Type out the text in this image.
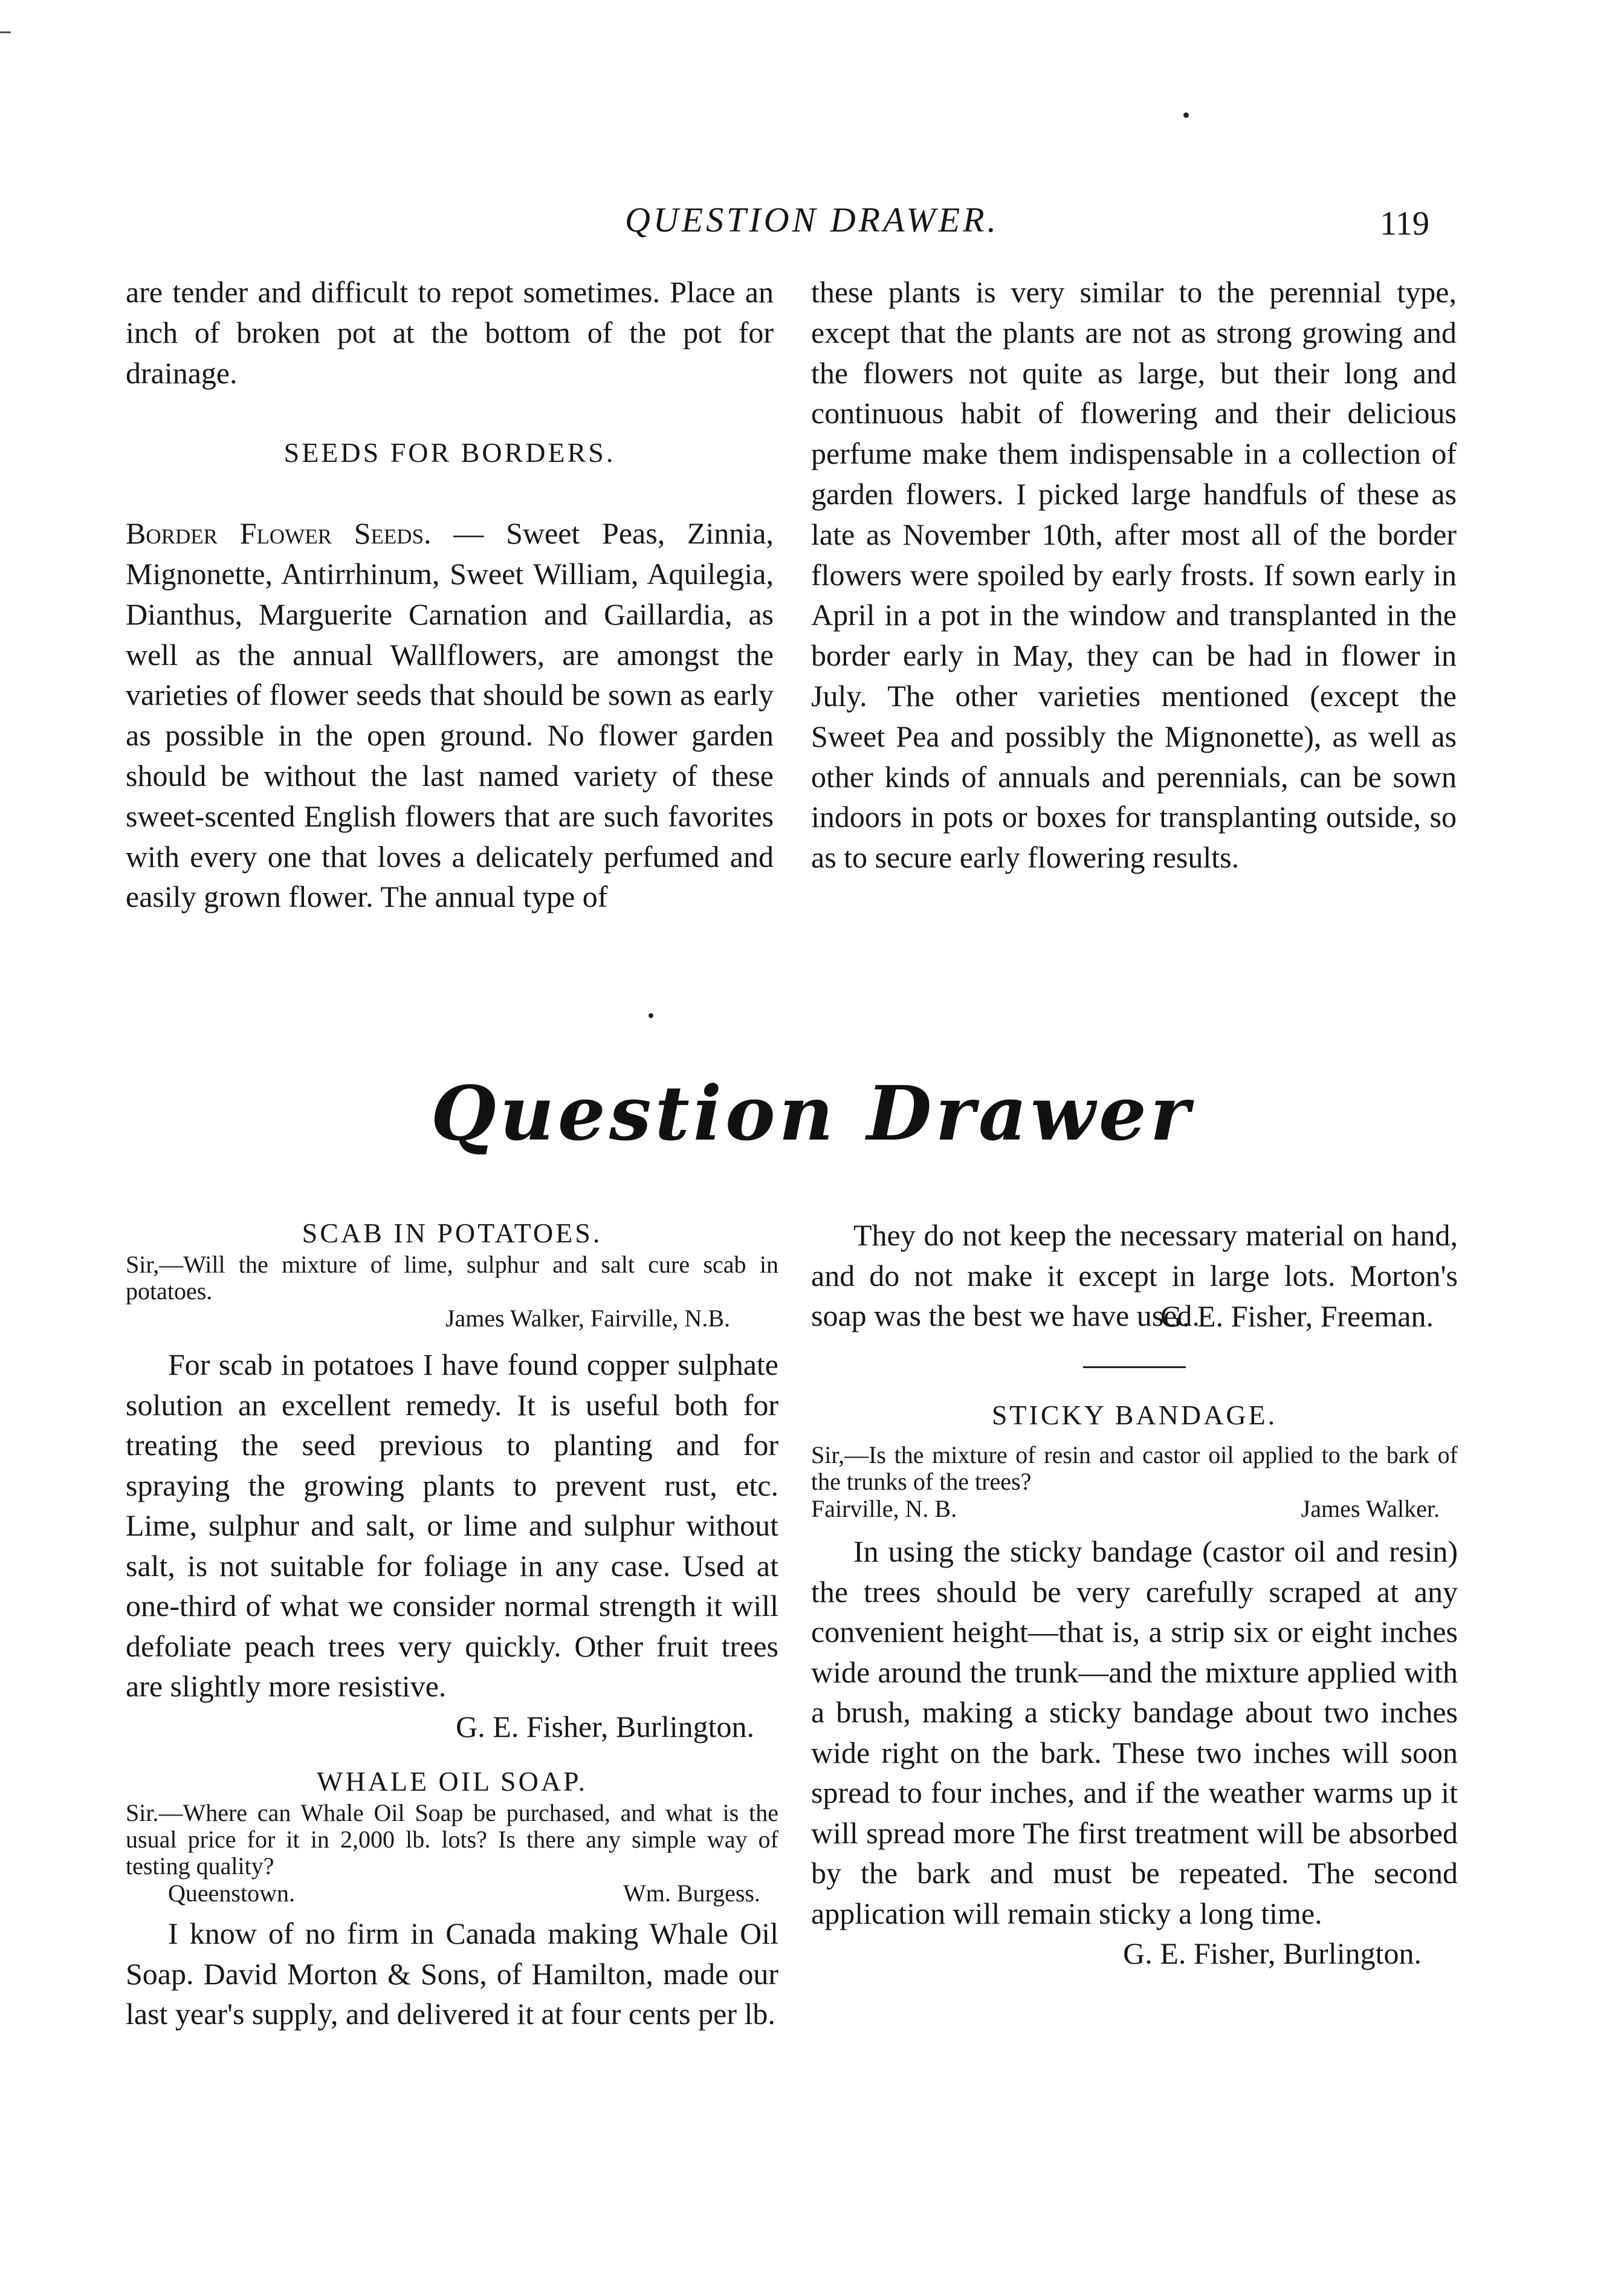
QUESTION DRAWER.	119

are tender and difficult to repot sometimes. Place an inch of broken pot at the bottom of the pot for drainage.

SEEDS FOR BORDERS.

Border Flower Seeds. — Sweet Peas, Zinnia, Mignonette, Antirrhinum, Sweet William, Aquilegia, Dianthus, Marguerite Carnation and Gaillardia, as well as the annual Wallflowers, are amongst the varieties of flower seeds that should be sown as early as possible in the open ground. No flower garden should be without the last named variety of these sweet-scented English flowers that are such favorites with every one that loves a delicately perfumed and easily grown flower. The annual type of

these plants is very similar to the perennial type, except that the plants are not as strong growing and the flowers not quite as large, but their long and continuous habit of flowering and their delicious perfume make them indispensable in a collection of garden flowers. I picked large handfuls of these as late as November 10th, after most all of the border flowers were spoiled by early frosts. If sown early in April in a pot in the window and transplanted in the border early in May, they can be had in flower in July. The other varieties mentioned (except the Sweet Pea and possibly the Mignonette), as well as other kinds of annuals and perennials, can be sown indoors in pots or boxes for transplanting outside, so as to secure early flowering results.

Question Drawer
SCAB IN POTATOES.

Sir,—Will the mixture of lime, sulphur and salt cure scab in potatoes.

James Walker, Fairville, N.B.

For scab in potatoes I have found copper sulphate solution an excellent remedy. It is useful both for treating the seed previous to planting and for spraying the growing plants to prevent rust, etc. Lime, sulphur and salt, or lime and sulphur without salt, is not suitable for foliage in any case. Used at one-third of what we consider normal strength it will defoliate peach trees very quickly. Other fruit trees are slightly more resistive.

G. E. Fisher, Burlington.
WHALE OIL SOAP.

Sir.—Where can Whale Oil Soap be purchased, and what is the usual price for it in 2,000 lb. lots? Is there any simple way of testing quality?

Queenstown.	Wm. Burgess.

I know of no firm in Canada making Whale Oil Soap. David Morton & Sons, of Hamilton, made our last year's supply, and delivered it at four cents per lb.

They do not keep the necessary material on hand, and do not make it except in large lots. Morton's soap was the best we have used.

G. E. Fisher, Freeman.
STICKY BANDAGE.

Sir,—Is the mixture of resin and castor oil applied to the bark of the trunks of the trees?

Fairville, N. B.	James Walker.

In using the sticky bandage (castor oil and resin) the trees should be very carefully scraped at any convenient height—that is, a strip six or eight inches wide around the trunk—and the mixture applied with a brush, making a sticky bandage about two inches wide right on the bark. These two inches will soon spread to four inches, and if the weather warms up it will spread more The first treatment will be absorbed by the bark and must be repeated. The second application will remain sticky a long time.

G. E. Fisher, Burlington.
